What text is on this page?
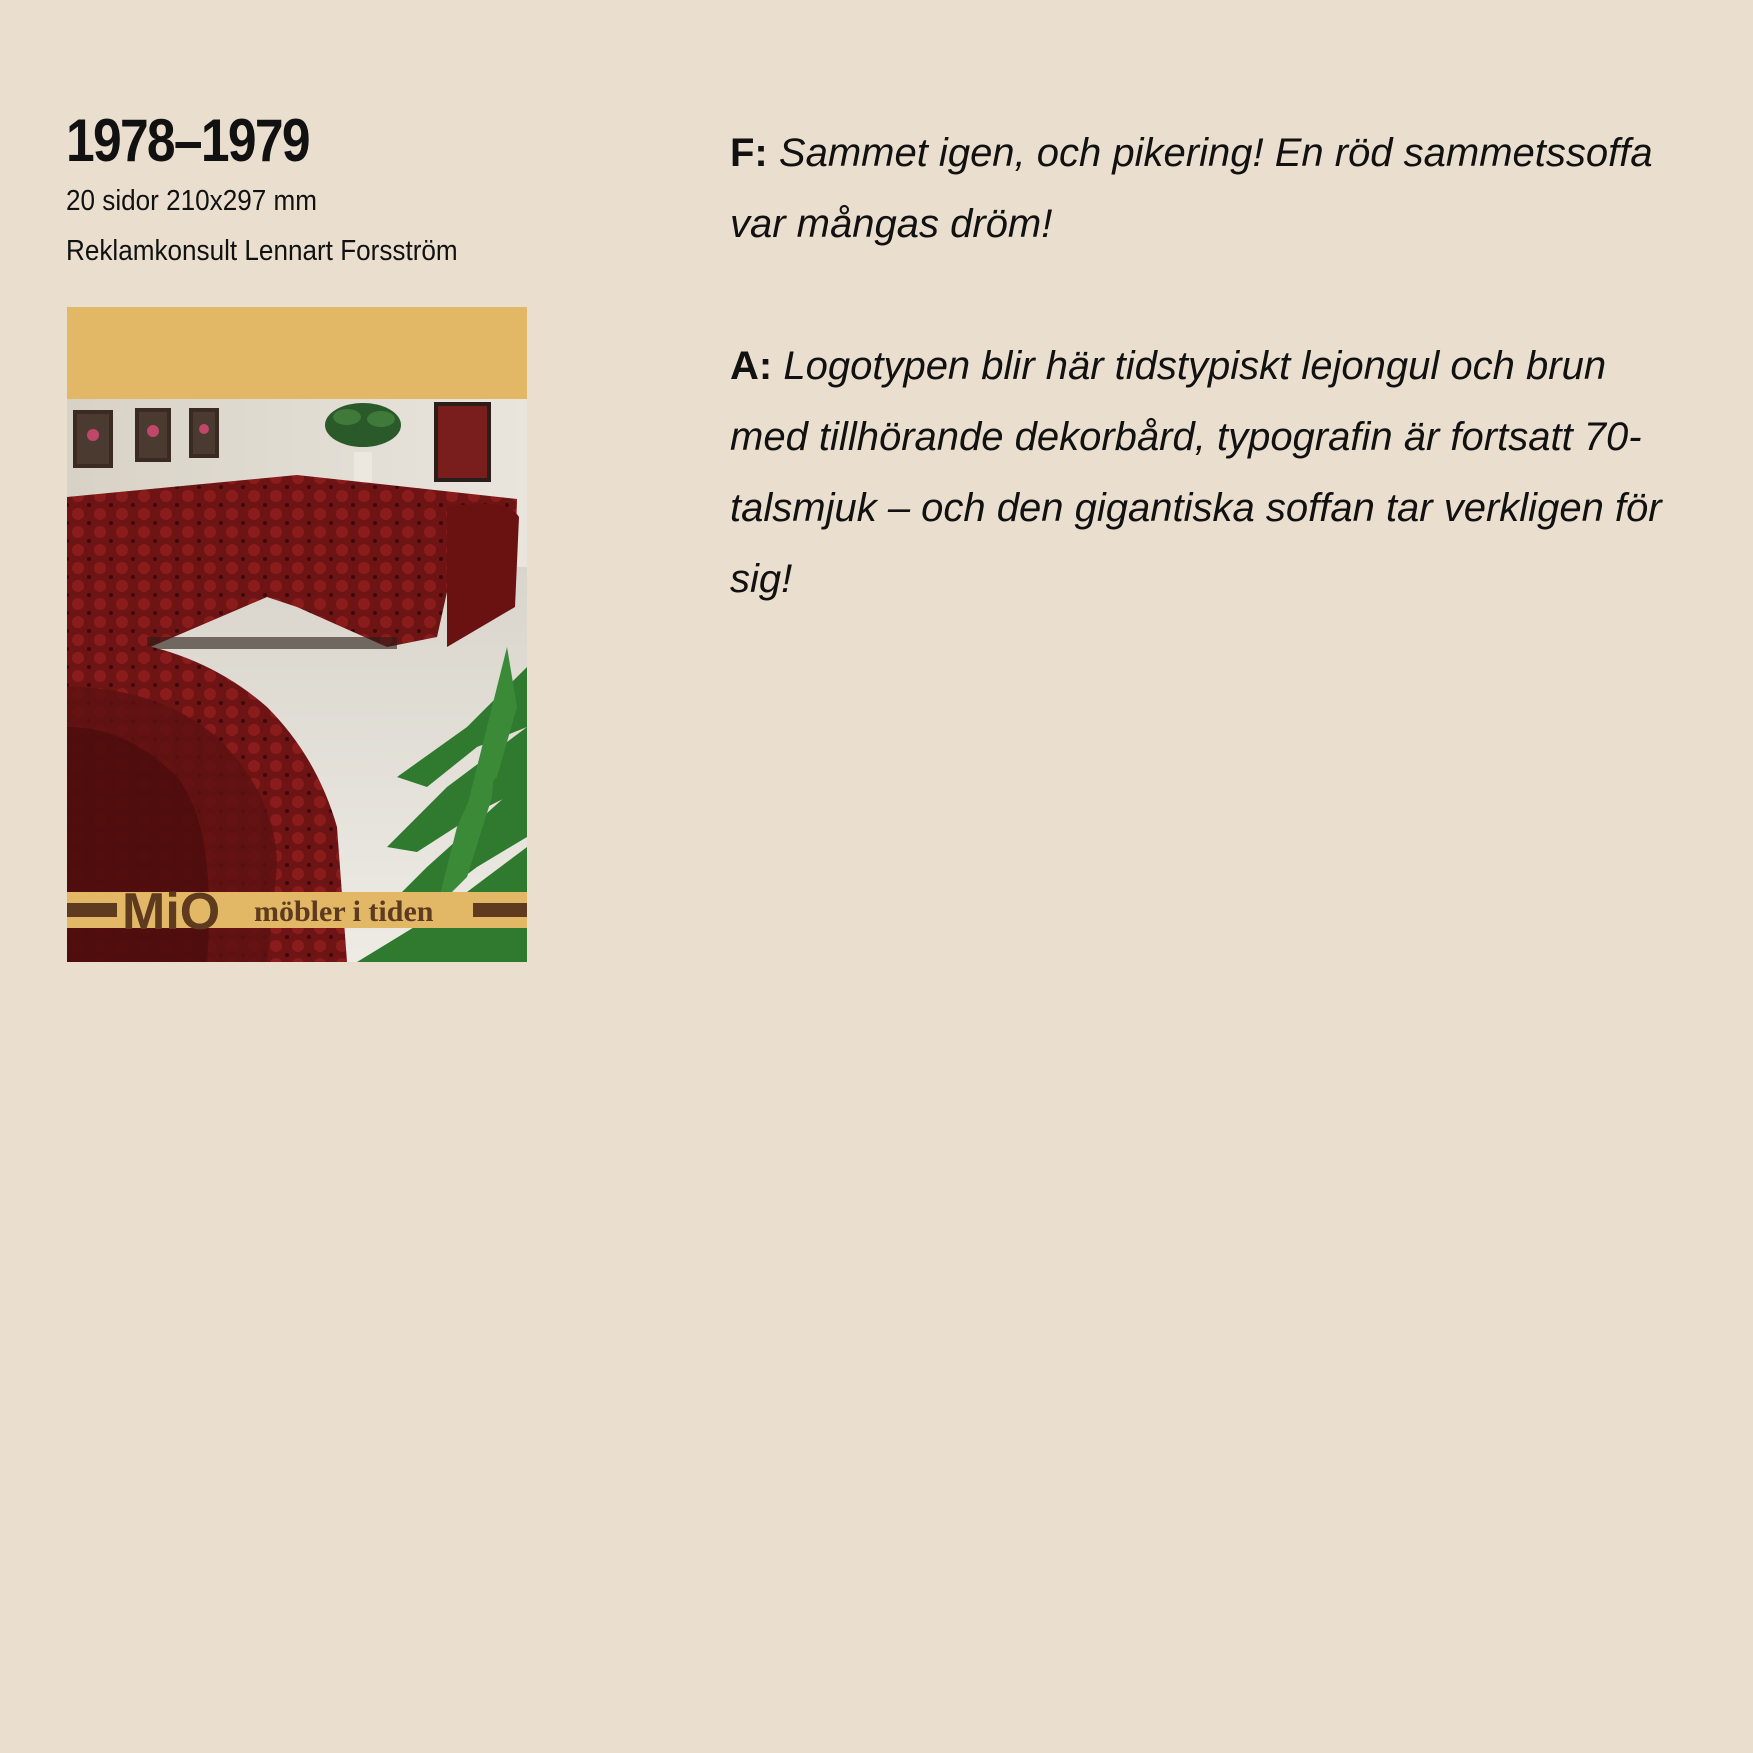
1978–1979

20 sidor 210x297 mm

Reklamkonsult Lennart Forsström

MiO möbler i tiden

F: Sammet igen, och pikering! En röd sammetssoffa var mångas dröm!

A: Logotypen blir här tidstypiskt lejongul och brun med tillhörande dekorbård, typografin är fortsatt 70-talsmjuk – och den gigantiska soffan tar verkligen för sig!
